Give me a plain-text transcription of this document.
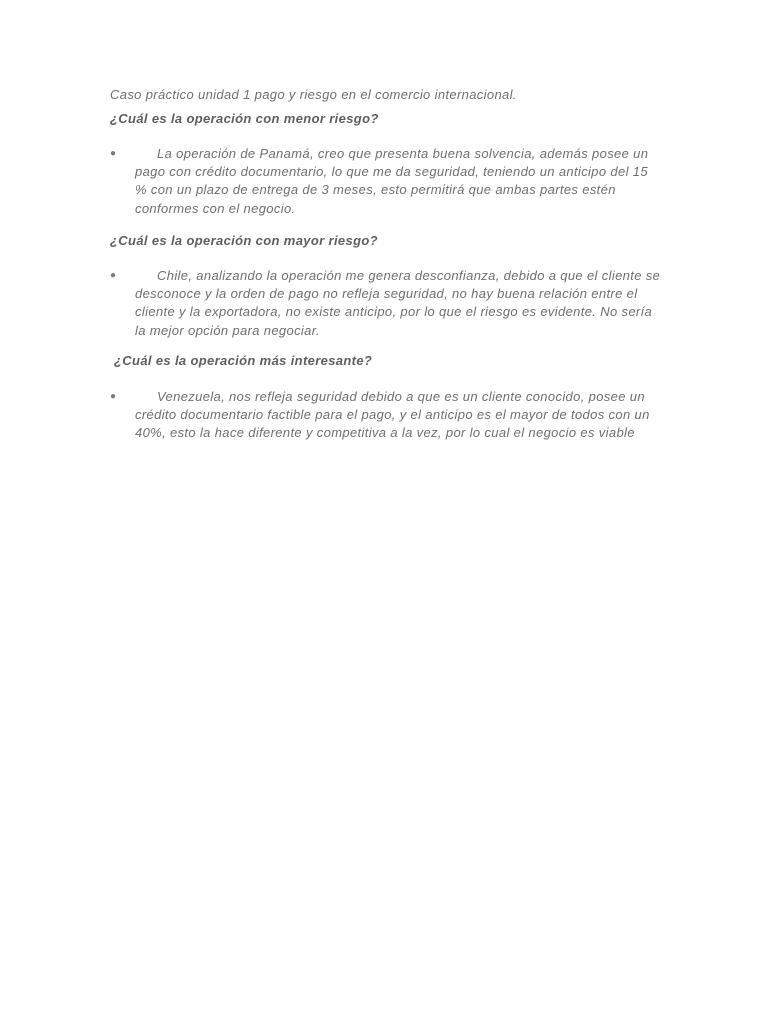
Caso práctico unidad 1 pago y riesgo en el comercio internacional.

¿Cuál es la operación con menor riesgo?

●	La operación de Panamá, creo que presenta buena solvencia, además posee un pago con crédito documentario, lo que me da seguridad, teniendo un anticipo del 15 % con un plazo de entrega de 3 meses, esto permitirá que ambas partes estén conformes con el negocio.

¿Cuál es la operación con mayor riesgo?

●	Chile, analizando la operación me genera desconfianza, debido a que el cliente se desconoce y la orden de pago no refleja seguridad, no hay buena relación entre el cliente y la exportadora, no existe anticipo, por lo que el riesgo es evidente. No sería la mejor opción para negociar.

¿Cuál es la operación más interesante?

●	Venezuela, nos refleja seguridad debido a que es un cliente conocido, posee un crédito documentario factible para el pago, y el anticipo es el mayor de todos con un 40%, esto la hace diferente y competitiva a la vez, por lo cual el negocio es viable
